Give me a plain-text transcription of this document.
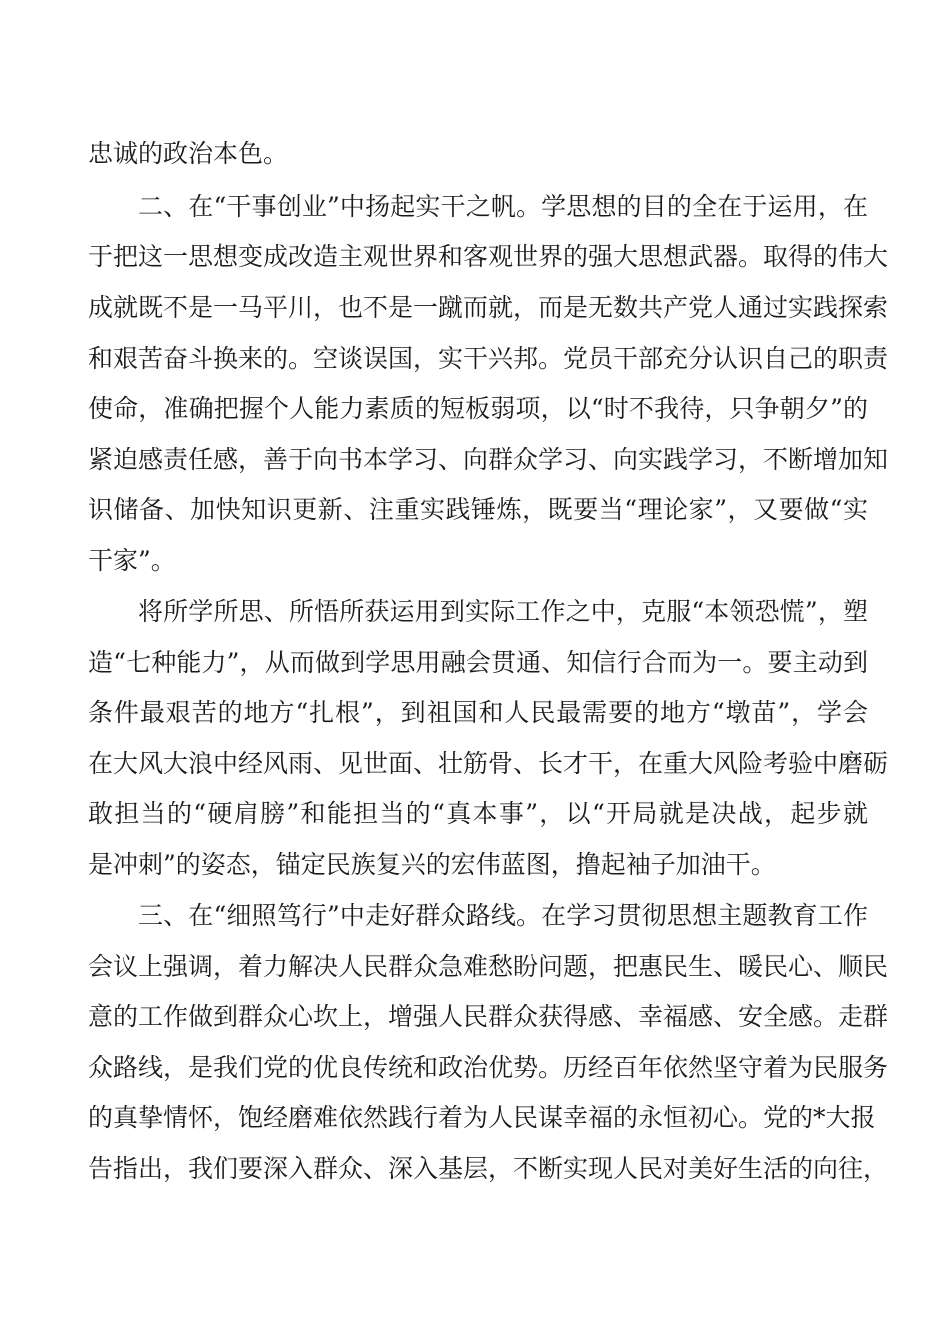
忠诚的政治本色。
二、在“干事创业”中扬起实干之帆。学思想的目的全在于运用，在
于把这一思想变成改造主观世界和客观世界的强大思想武器。取得的伟大
成就既不是一马平川，也不是一蹴而就，而是无数共产党人通过实践探索
和艰苦奋斗换来的。空谈误国，实干兴邦。党员干部充分认识自己的职责
使命，准确把握个人能力素质的短板弱项，以“时不我待，只争朝夕”的
紧迫感责任感，善于向书本学习、向群众学习、向实践学习，不断增加知
识储备、加快知识更新、注重实践锤炼，既要当“理论家”，又要做“实
干家”。
将所学所思、所悟所获运用到实际工作之中，克服“本领恐慌”，塑
造“七种能力”，从而做到学思用融会贯通、知信行合而为一。要主动到
条件最艰苦的地方“扎根”，到祖国和人民最需要的地方“墩苗”，学会
在大风大浪中经风雨、见世面、壮筋骨、长才干，在重大风险考验中磨砺
敢担当的“硬肩膀”和能担当的“真本事”，以“开局就是决战，起步就
是冲刺”的姿态，锚定民族复兴的宏伟蓝图，撸起袖子加油干。
三、在“细照笃行”中走好群众路线。在学习贯彻思想主题教育工作
会议上强调，着力解决人民群众急难愁盼问题，把惠民生、暖民心、顺民
意的工作做到群众心坎上，增强人民群众获得感、幸福感、安全感。走群
众路线，是我们党的优良传统和政治优势。历经百年依然坚守着为民服务
的真挚情怀，饱经磨难依然践行着为人民谋幸福的永恒初心。党的*大报
告指出，我们要深入群众、深入基层，不断实现人民对美好生活的向往，
